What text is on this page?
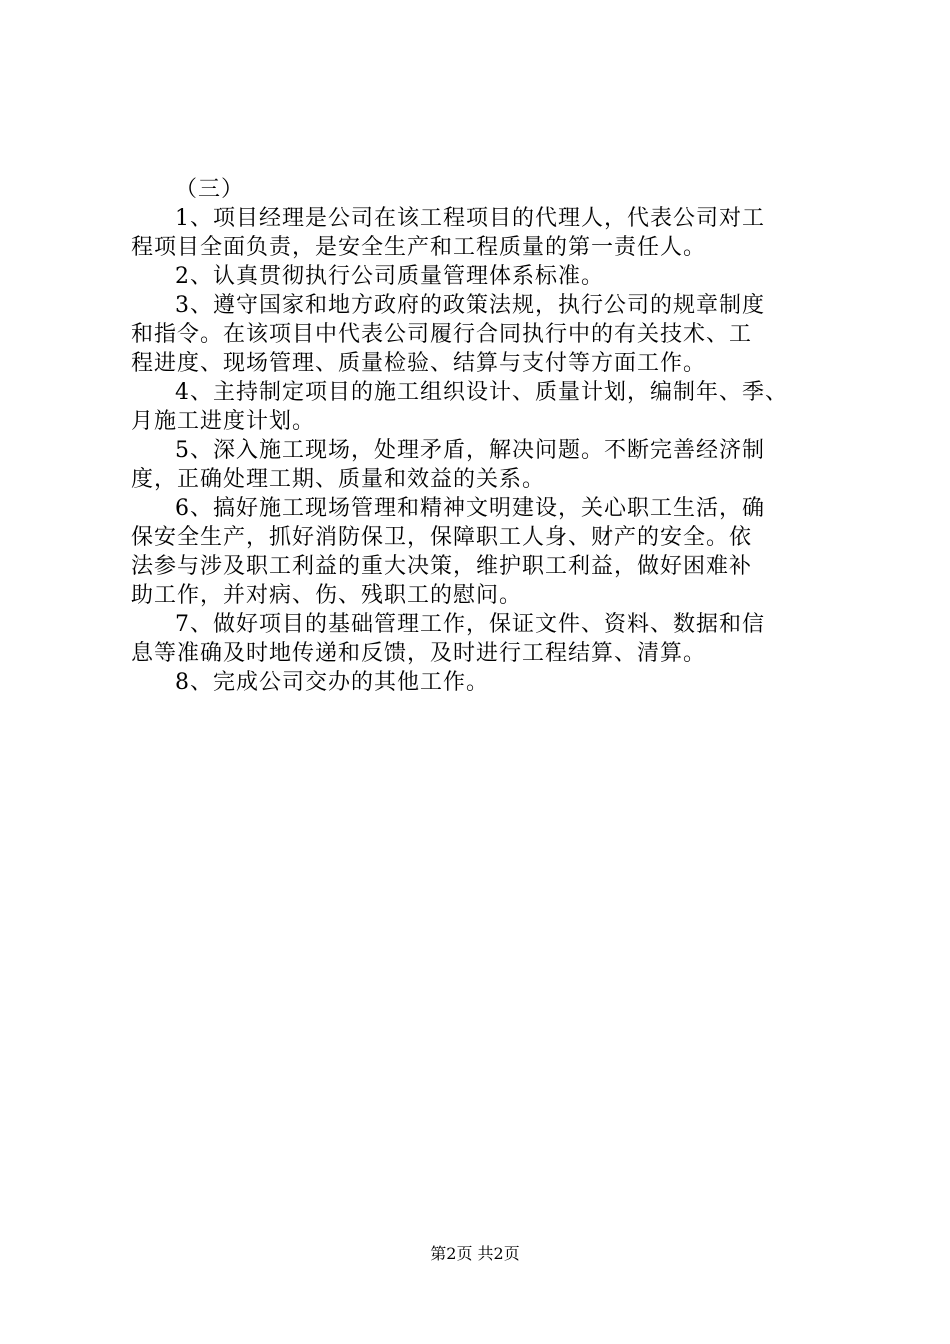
（三）

1、项目经理是公司在该工程项目的代理人，代表公司对工

程项目全面负责，是安全生产和工程质量的第一责任人。

2、认真贯彻执行公司质量管理体系标准。

3、遵守国家和地方政府的政策法规，执行公司的规章制度

和指令。在该项目中代表公司履行合同执行中的有关技术、工

程进度、现场管理、质量检验、结算与支付等方面工作。

4、主持制定项目的施工组织设计、质量计划，编制年、季、

月施工进度计划。

5、深入施工现场，处理矛盾，解决问题。不断完善经济制

度，正确处理工期、质量和效益的关系。

6、搞好施工现场管理和精神文明建设，关心职工生活，确

保安全生产，抓好消防保卫，保障职工人身、财产的安全。依

法参与涉及职工利益的重大决策，维护职工利益，做好困难补

助工作，并对病、伤、残职工的慰问。

7、做好项目的基础管理工作，保证文件、资料、数据和信

息等准确及时地传递和反馈，及时进行工程结算、清算。

8、完成公司交办的其他工作。

第2页 共2页
